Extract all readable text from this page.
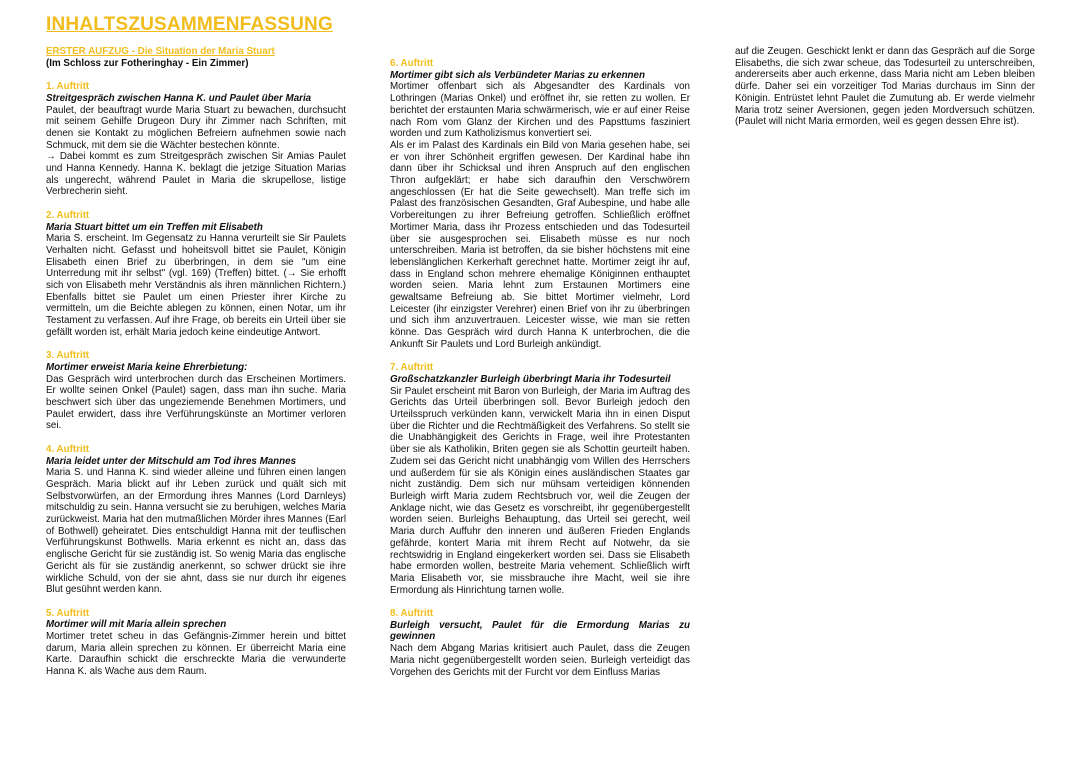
INHALTSZUSAMMENFASSUNG

ERSTER AUFZUG - Die Situation der Maria Stuart

(Im Schloss zur Fotheringhay - Ein Zimmer)

1. Auftritt

Streitgespräch zwischen Hanna K. und Paulet über Maria

Paulet, der beauftragt wurde Maria Stuart zu bewachen, durchsucht mit seinem Gehilfe Drugeon Dury ihr Zimmer nach Schriften, mit denen sie Kontakt zu möglichen Befreiern aufnehmen sowie nach Schmuck, mit dem sie die Wächter bestechen könnte.

→ Dabei kommt es zum Streitgespräch zwischen Sir Amias Paulet und Hanna Kennedy. Hanna K. beklagt die jetzige Situation Marias als ungerecht, während Paulet in Maria die skrupellose, listige Verbrecherin sieht.

2. Auftritt

Maria Stuart bittet um ein Treffen mit Elisabeth

Maria S. erscheint. Im Gegensatz zu Hanna verurteilt sie Sir Paulets Verhalten nicht. Gefasst und hoheitsvoll bittet sie Paulet, Königin Elisabeth einen Brief zu überbringen, in dem sie "um eine Unterredung mit ihr selbst" (vgl. 169) (Treffen) bittet. (→ Sie erhofft sich von Elisabeth mehr Verständnis als ihren männlichen Richtern.) Ebenfalls bittet sie Paulet um einen Priester ihrer Kirche zu vermitteln, um die Beichte ablegen zu können, einen Notar, um ihr Testament zu verfassen. Auf ihre Frage, ob bereits ein Urteil über sie gefällt worden ist, erhält Maria jedoch keine eindeutige Antwort.

3. Auftritt

Mortimer erweist Maria keine Ehrerbietung:

Das Gespräch wird unterbrochen durch das Erscheinen Mortimers. Er wollte seinen Onkel (Paulet) sagen, dass man ihn suche. Maria beschwert sich über das ungeziemende Benehmen Mortimers, und Paulet erwidert, dass ihre Verführungskünste an Mortimer verloren sei.

4. Auftritt

Maria leidet unter der Mitschuld am Tod ihres Mannes

Maria S. und Hanna K. sind wieder alleine und führen einen langen Gespräch. Maria blickt auf ihr Leben zurück und quält sich mit Selbstvorwürfen, an der Ermordung ihres Mannes (Lord Darnleys) mitschuldig zu sein. Hanna versucht sie zu beruhigen, welches Maria zurückweist. Maria hat den mutmaßlichen Mörder ihres Mannes (Earl of Bothwell) geheiratet. Dies entschuldigt Hanna mit der teuflischen Verführungskunst Bothwells. Maria erkennt es nicht an, dass das englische Gericht für sie zuständig ist. So wenig Maria das englische Gericht als für sie zuständig anerkennt, so schwer drückt sie ihre wirkliche Schuld, von der sie ahnt, dass sie nur durch ihr eigenes Blut gesühnt werden kann.

5. Auftritt

Mortimer will mit Maria allein sprechen

Mortimer tretet scheu in das Gefängnis-Zimmer herein und bittet darum, Maria allein sprechen zu können. Er überreicht Maria eine Karte. Daraufhin schickt die erschreckte Maria die verwunderte Hanna K. als Wache aus dem Raum.

6. Auftritt

Mortimer gibt sich als Verbündeter Marias zu erkennen

Mortimer offenbart sich als Abgesandter des Kardinals von Lothringen (Marias Onkel) und eröffnet ihr, sie retten zu wollen. Er berichtet der erstaunten Maria schwärmerisch, wie er auf einer Reise nach Rom vom Glanz der Kirchen und des Papsttums fasziniert worden und zum Katholizismus konvertiert sei.

Als er im Palast des Kardinals ein Bild von Maria gesehen habe, sei er von ihrer Schönheit ergriffen gewesen. Der Kardinal habe ihn dann über ihr Schicksal und ihren Anspruch auf den englischen Thron aufgeklärt; er habe sich daraufhin den Verschwörern angeschlossen (Er hat die Seite gewechselt). Man treffe sich im Palast des französischen Gesandten, Graf Aubespine, und habe alle Vorbereitungen zu ihrer Befreiung getroffen. Schließlich eröffnet Mortimer Maria, dass ihr Prozess entschieden und das Todesurteil über sie ausgesprochen sei. Elisabeth müsse es nur noch unterschreiben. Maria ist betroffen, da sie bisher höchstens mit eine lebenslänglichen Kerkerhaft gerechnet hatte. Mortimer zeigt ihr auf, dass in England schon mehrere ehemalige Königinnen enthauptet worden seien. Maria lehnt zum Erstaunen Mortimers eine gewaltsame Befreiung ab. Sie bittet Mortimer vielmehr, Lord Leicester (ihr einzigster Verehrer) einen Brief von ihr zu überbringen und sich ihm anzuvertrauen. Leicester wisse, wie man sie retten könne. Das Gespräch wird durch Hanna K unterbrochen, die die Ankunft Sir Paulets und Lord Burleigh ankündigt.

7. Auftritt

Großschatzkanzler Burleigh überbringt Maria ihr Todesurteil

Sir Paulet erscheint mit Baron von Burleigh, der Maria im Auftrag des Gerichts das Urteil überbringen soll. Bevor Burleigh jedoch den Urteilsspruch verkünden kann, verwickelt Maria ihn in einen Disput über die Richter und die Rechtmäßigkeit des Verfahrens. So stellt sie die Unabhängigkeit des Gerichts in Frage, weil ihre Protestanten über sie als Katholikin, Briten gegen sie als Schottin geurteilt haben. Zudem sei das Gericht nicht unabhängig vom Willen des Herrschers und außerdem für sie als Königin eines ausländischen Staates gar nicht zuständig. Dem sich nur mühsam verteidigen könnenden Burleigh wirft Maria zudem Rechtsbruch vor, weil die Zeugen der Anklage nicht, wie das Gesetz es vorschreibt, ihr gegenübergestellt worden seien. Burleighs Behauptung, das Urteil sei gerecht, weil Maria durch Auffuhr den inneren und äußeren Frieden Englands gefährde, kontert Maria mit ihrem Recht auf Notwehr, da sie rechtswidrig in England eingekerkert worden sei. Dass sie Elisabeth habe ermorden wollen, bestreite Maria vehement. Schließlich wirft Maria Elisabeth vor, sie missbrauche ihre Macht, weil sie ihre Ermordung als Hinrichtung tarnen wolle.

8. Auftritt

Burleigh versucht, Paulet für die Ermordung Marias zu gewinnen

Nach dem Abgang Marias kritisiert auch Paulet, dass die Zeugen Maria nicht gegenübergestellt worden seien. Burleigh verteidigt das Vorgehen des Gerichts mit der Furcht vor dem Einfluss Marias

auf die Zeugen. Geschickt lenkt er dann das Gespräch auf die Sorge Elisabeths, die sich zwar scheue, das Todesurteil zu unterschreiben, andererseits aber auch erkenne, dass Maria nicht am Leben bleiben dürfe. Daher sei ein vorzeitiger Tod Marias durchaus im Sinn der Königin. Entrüstet lehnt Paulet die Zumutung ab. Er werde vielmehr Maria trotz seiner Aversionen, gegen jeden Mordversuch schützen. (Paulet will nicht Maria ermorden, weil es gegen dessen Ehre ist).
